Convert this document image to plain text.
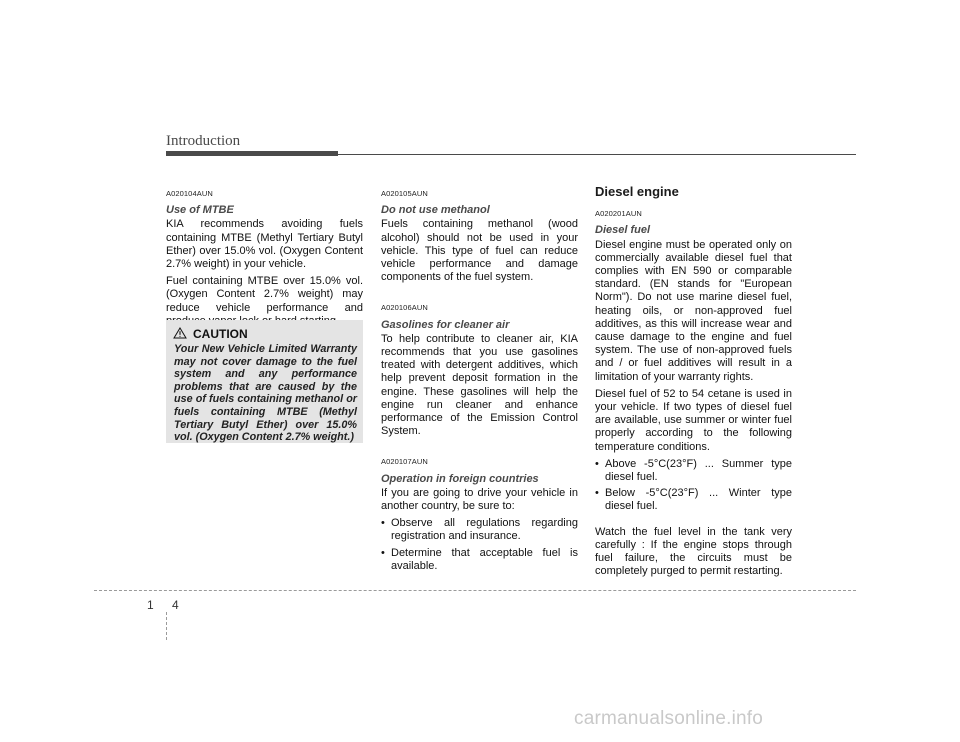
Introduction
A020104AUN
Use of MTBE

KIA recommends avoiding fuels containing MTBE (Methyl Tertiary Butyl Ether) over 15.0% vol. (Oxygen Content 2.7% weight) in your vehicle.

Fuel containing MTBE over 15.0% vol. (Oxygen Content 2.7% weight) may reduce vehicle performance and

CAUTION
Your New Vehicle Limited Warranty may not cover damage to the fuel system and any performance problems that are caused by the use of fuels containing methanol or fuels containing MTBE (Methyl Tertiary Butyl Ether) over 15.0% vol. (Oxygen Content 2.7% weight.)
A020105AUN
Do not use methanol

Fuels containing methanol (wood alcohol) should not be used in your vehicle. This type of fuel can reduce vehicle performance and damage components of the fuel system.

A020106AUN
Gasolines for cleaner air

To help contribute to cleaner air, KIA recommends that you use gasolines treated with detergent additives, which help prevent deposit formation in the engine. These gasolines will help the engine run cleaner and enhance performance of the Emission Control System.

A020107AUN
Operation in foreign countries

If you are going to drive your vehicle in another country, be sure to:

• Observe all regulations regarding registration and insurance.
• Determine that acceptable fuel is available.
Diesel engine
A020201AUN
Diesel fuel

Diesel engine must be operated only on commercially available diesel fuel that complies with EN 590 or comparable standard. (EN stands for "European Norm"). Do not use marine diesel fuel, heating oils, or non-approved fuel additives, as this will increase wear and cause damage to the engine and fuel system. The use of non-approved fuels and / or fuel additives will result in a limitation of your warranty rights.

Diesel fuel of 52 to 54 cetane is used in your vehicle. If two types of diesel fuel are available, use summer or winter fuel properly according to the following temperature conditions.

• Above -5°C(23°F) ... Summer type diesel fuel.
• Below -5°C(23°F) ... Winter type diesel fuel.

Watch the fuel level in the tank very carefully : If the engine stops through fuel failure, the circuits must be completely purged to permit restarting.

1 4
carmanualsonline.info
